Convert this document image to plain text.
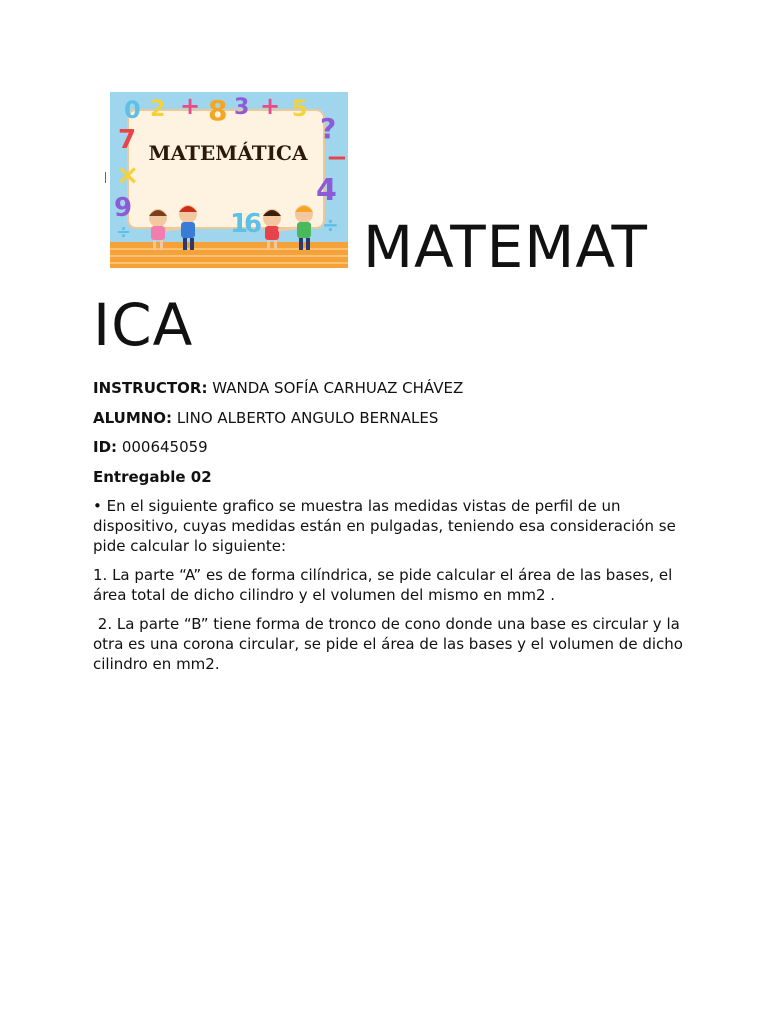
0 2 + 8 3 + 5
?
7
×
9
−
4
÷
1
6
÷
MATEMÁTICA
MATEMAT
ICA

INSTRUCTOR: WANDA SOFÍA CARHUAZ CHÁVEZ

ALUMNO: LINO ALBERTO ANGULO BERNALES

ID: 000645059

Entregable 02

• En el siguiente grafico se muestra las medidas vistas de perfil de un dispositivo, cuyas medidas están en pulgadas, teniendo esa consideración se pide calcular lo siguiente:

1. La parte “A” es de forma cilíndrica, se pide calcular el área de las bases, el área total de dicho cilindro y el volumen del mismo en mm2 .

2. La parte “B” tiene forma de tronco de cono donde una base es circular y la otra es una corona circular, se pide el área de las bases y el volumen de dicho cilindro en mm2.
